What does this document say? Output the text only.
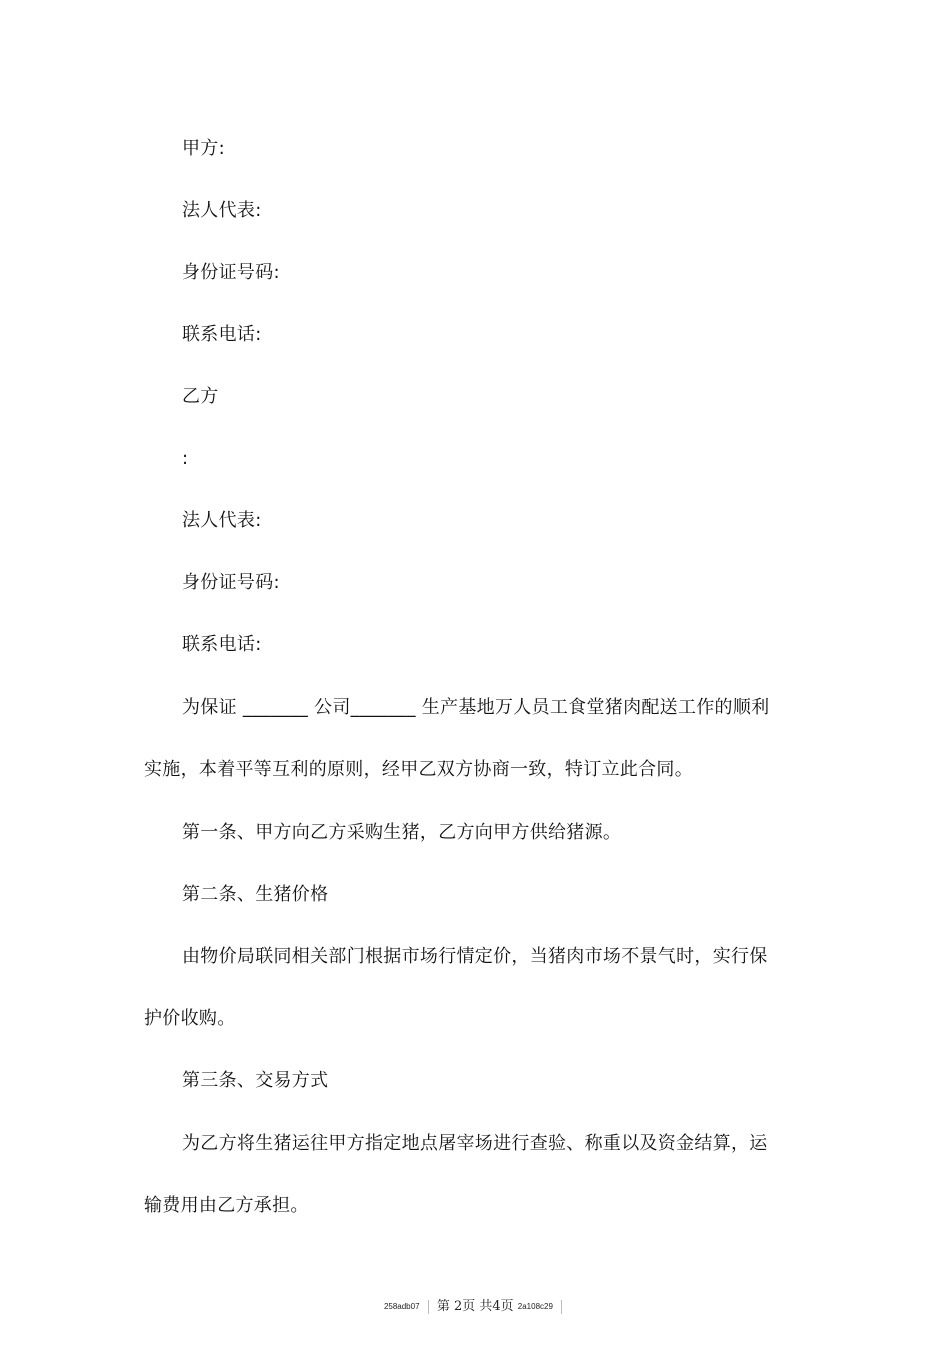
甲方:
法人代表:
身份证号码:
联系电话:
乙方
:
法人代表:
身份证号码:
联系电话:
为保证 _______ 公司_______ 生产基地万人员工食堂猪肉配送工作的顺利
实施，本着平等互利的原则，经甲乙双方协商一致，特订立此合同。
第一条、甲方向乙方采购生猪，乙方向甲方供给猪源。
第二条、生猪价格
由物价局联同相关部门根据市场行情定价，当猪肉市场不景气时，实行保
护价收购。
第三条、交易方式
为乙方将生猪运往甲方指定地点屠宰场进行查验、称重以及资金结算，运
输费用由乙方承担。
258adb07 第 2页 共4页 2a108c29
